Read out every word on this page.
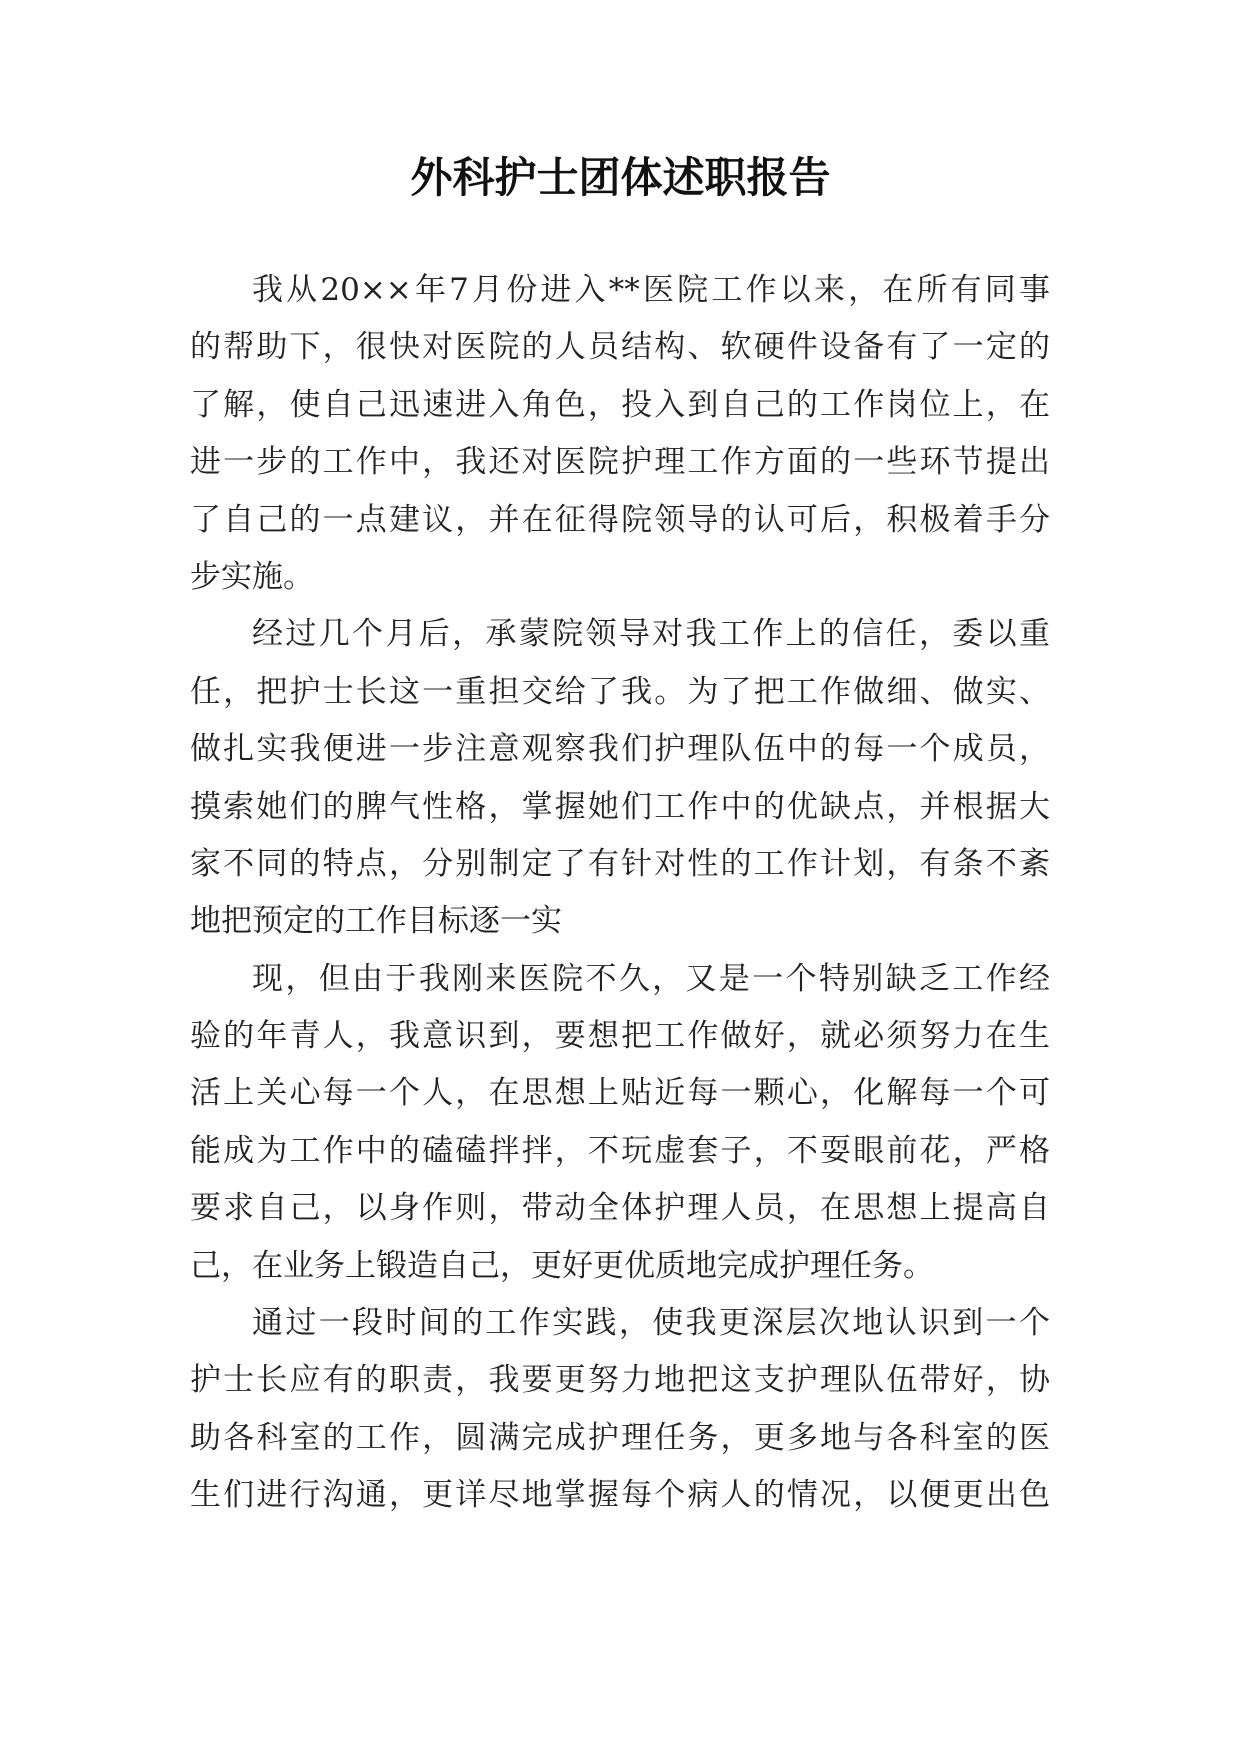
外科护士团体述职报告
我从20××年7月份进入**医院工作以来，在所有同事
的帮助下，很快对医院的人员结构、软硬件设备有了一定的
了解，使自己迅速进入角色，投入到自己的工作岗位上，在
进一步的工作中，我还对医院护理工作方面的一些环节提出
了自己的一点建议，并在征得院领导的认可后，积极着手分
步实施。
经过几个月后，承蒙院领导对我工作上的信任，委以重
任，把护士长这一重担交给了我。为了把工作做细、做实、
做扎实我便进一步注意观察我们护理队伍中的每一个成员，
摸索她们的脾气性格，掌握她们工作中的优缺点，并根据大
家不同的特点，分别制定了有针对性的工作计划，有条不紊
地把预定的工作目标逐一实
现，但由于我刚来医院不久，又是一个特别缺乏工作经
验的年青人，我意识到，要想把工作做好，就必须努力在生
活上关心每一个人，在思想上贴近每一颗心，化解每一个可
能成为工作中的磕磕拌拌，不玩虚套子，不耍眼前花，严格
要求自己，以身作则，带动全体护理人员，在思想上提高自
己，在业务上锻造自己，更好更优质地完成护理任务。
通过一段时间的工作实践，使我更深层次地认识到一个
护士长应有的职责，我要更努力地把这支护理队伍带好，协
助各科室的工作，圆满完成护理任务，更多地与各科室的医
生们进行沟通，更详尽地掌握每个病人的情况，以便更出色
